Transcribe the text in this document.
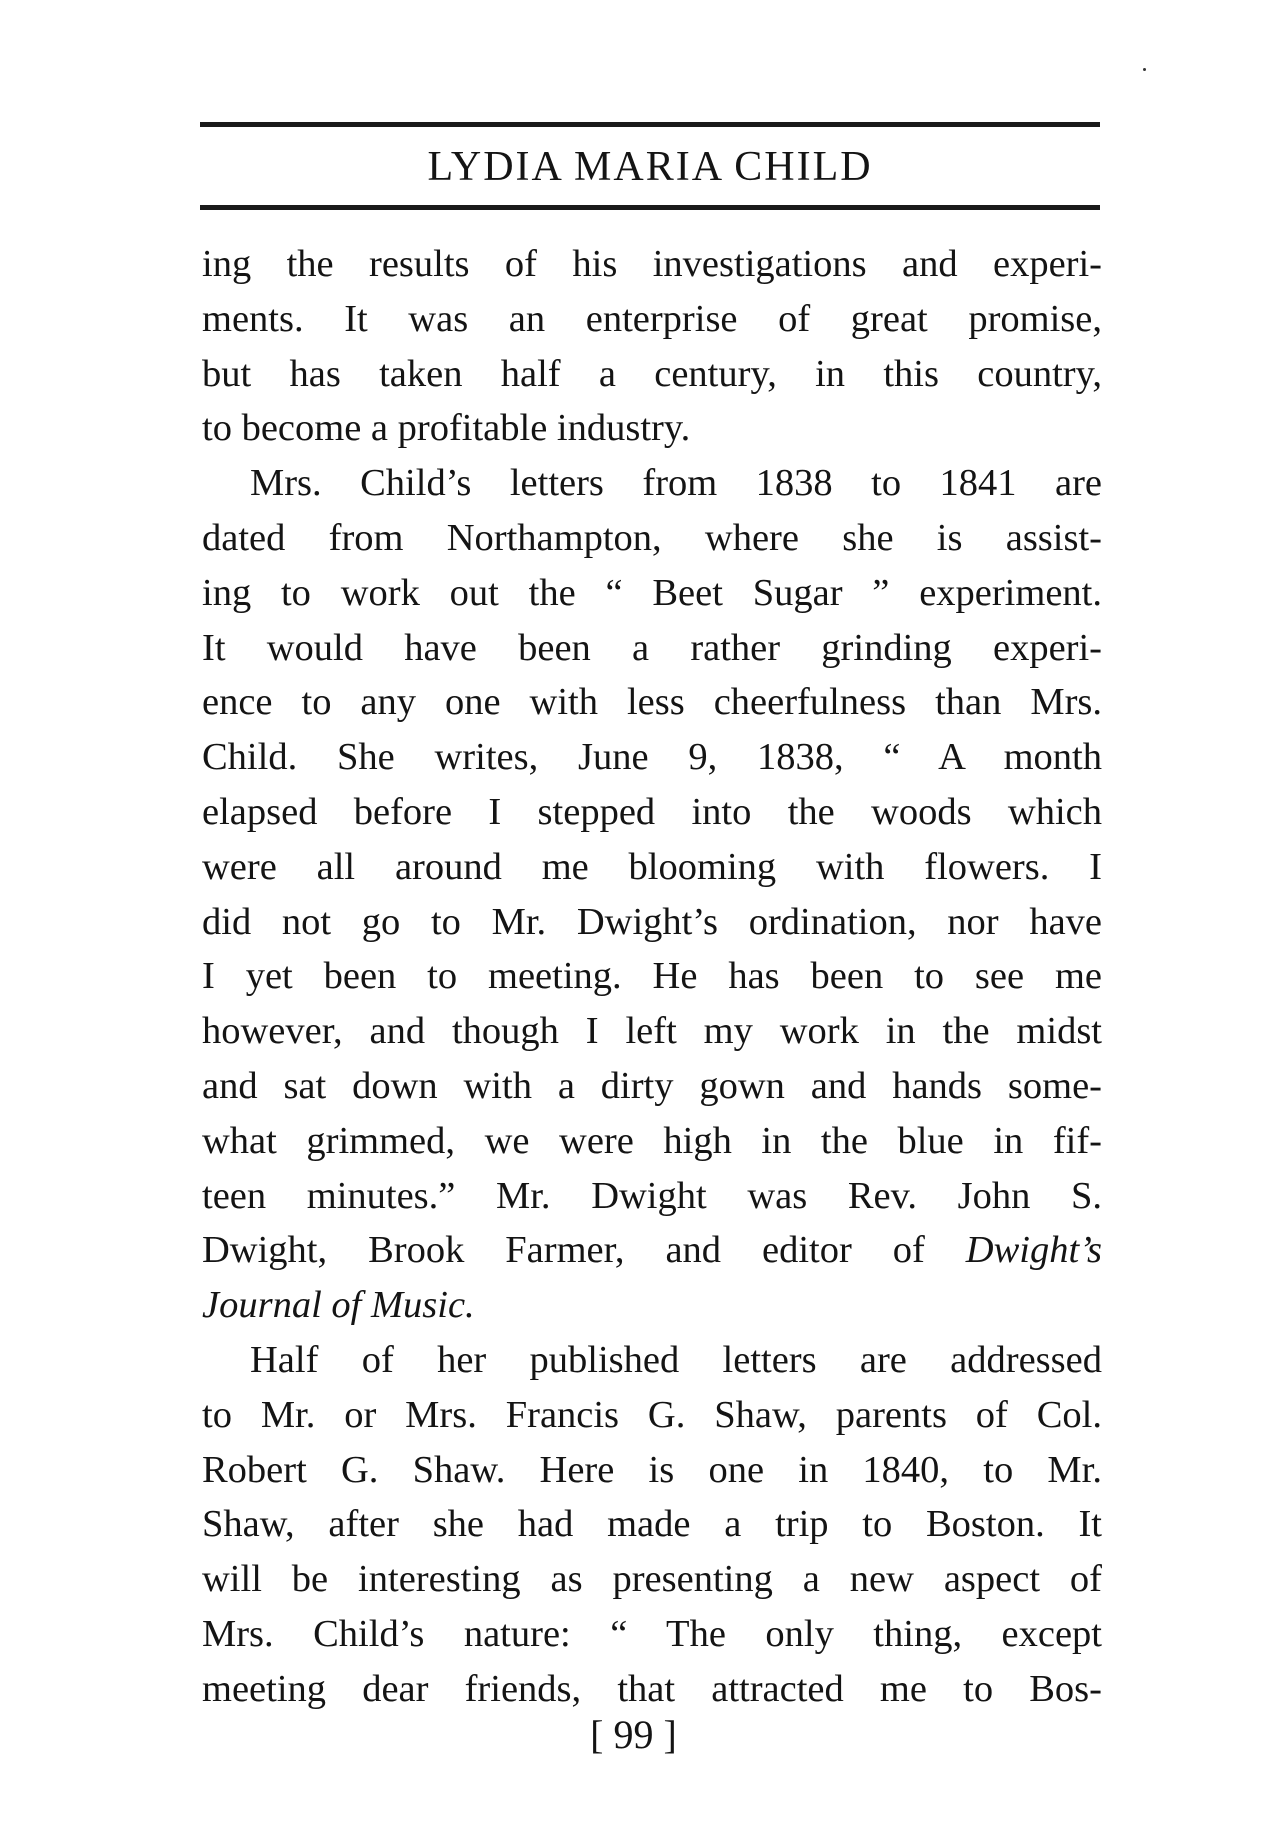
LYDIA MARIA CHILD
ing the results of his investigations and experi-
ments. It was an enterprise of great promise,
but has taken half a century, in this country,
to become a profitable industry.
Mrs. Child’s letters from 1838 to 1841 are
dated from Northampton, where she is assist-
ing to work out the “ Beet Sugar ” experiment.
It would have been a rather grinding experi-
ence to any one with less cheerfulness than Mrs.
Child. She writes, June 9, 1838, “ A month
elapsed before I stepped into the woods which
were all around me blooming with flowers. I
did not go to Mr. Dwight’s ordination, nor have
I yet been to meeting. He has been to see me
however, and though I left my work in the midst
and sat down with a dirty gown and hands some-
what grimmed, we were high in the blue in fif-
teen minutes.” Mr. Dwight was Rev. John S.
Dwight, Brook Farmer, and editor of Dwight’s
Journal of Music.
Half of her published letters are addressed
to Mr. or Mrs. Francis G. Shaw, parents of Col.
Robert G. Shaw. Here is one in 1840, to Mr.
Shaw, after she had made a trip to Boston. It
will be interesting as presenting a new aspect of
Mrs. Child’s nature: “ The only thing, except
meeting dear friends, that attracted me to Bos-
[ 99 ]
